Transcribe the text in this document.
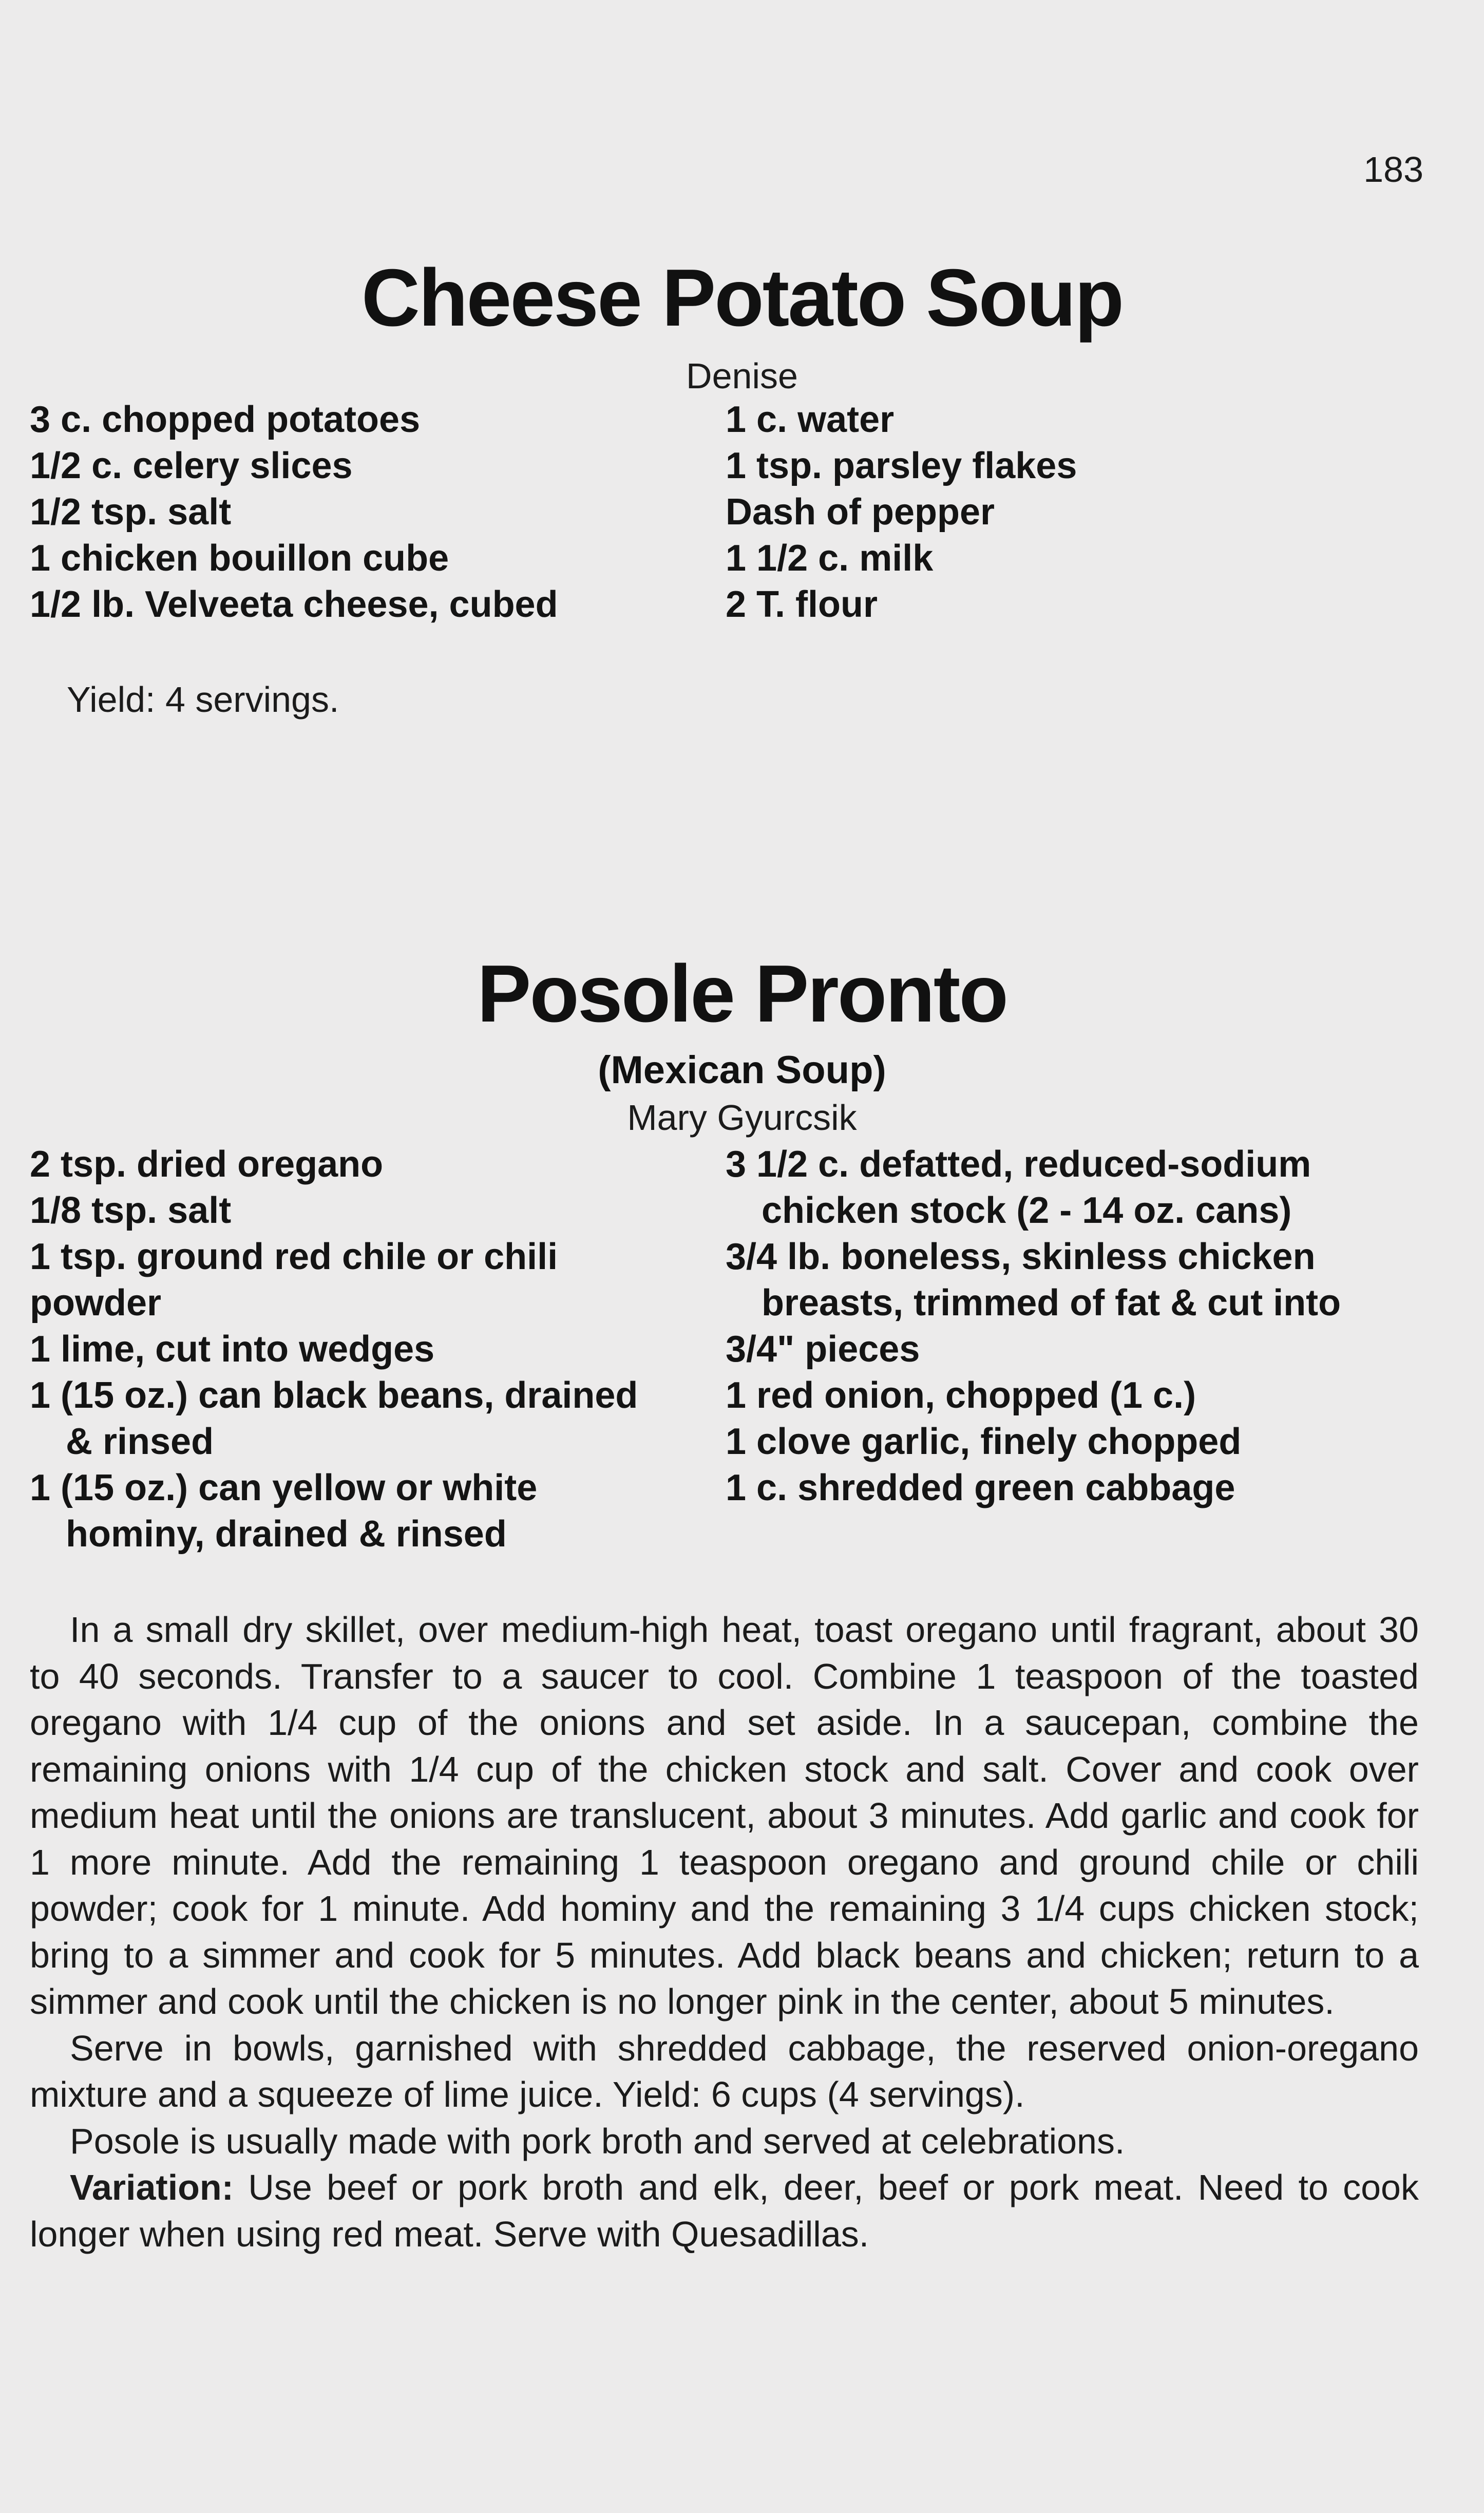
183
Cheese Potato Soup
Denise
3 c. chopped potatoes
1/2 c. celery slices
1/2 tsp. salt
1 chicken bouillon cube
1/2 lb. Velveeta cheese, cubed
1 c. water
1 tsp. parsley flakes
Dash of pepper
1 1/2 c. milk
2 T. flour
Yield: 4 servings.
Posole Pronto
(Mexican Soup)
Mary Gyurcsik
2 tsp. dried oregano
1/8 tsp. salt
1 tsp. ground red chile or chili
powder
1 lime, cut into wedges
1 (15 oz.) can black beans, drained
& rinsed
1 (15 oz.) can yellow or white
hominy, drained & rinsed
3 1/2 c. defatted, reduced-sodium
chicken stock (2 - 14 oz. cans)
3/4 lb. boneless, skinless chicken
breasts, trimmed of fat & cut into
3/4" pieces
1 red onion, chopped (1 c.)
1 clove garlic, finely chopped
1 c. shredded green cabbage

In a small dry skillet, over medium-high heat, toast oregano until fragrant, about 30 to 40 seconds. Transfer to a saucer to cool. Combine 1 teaspoon of the toasted oregano with 1/4 cup of the onions and set aside. In a saucepan, combine the remaining onions with 1/4 cup of the chicken stock and salt. Cover and cook over medium heat until the onions are translucent, about 3 minutes. Add garlic and cook for 1 more minute. Add the remaining 1 teaspoon oregano and ground chile or chili powder; cook for 1 minute. Add hominy and the remaining 3 1/4 cups chicken stock; bring to a simmer and cook for 5 minutes. Add black beans and chicken; return to a simmer and cook until the chicken is no longer pink in the center, about 5 minutes.

Serve in bowls, garnished with shredded cabbage, the reserved onion-oregano mixture and a squeeze of lime juice. Yield: 6 cups (4 servings).

Posole is usually made with pork broth and served at celebrations.

Variation: Use beef or pork broth and elk, deer, beef or pork meat. Need to cook longer when using red meat. Serve with Quesadillas.
